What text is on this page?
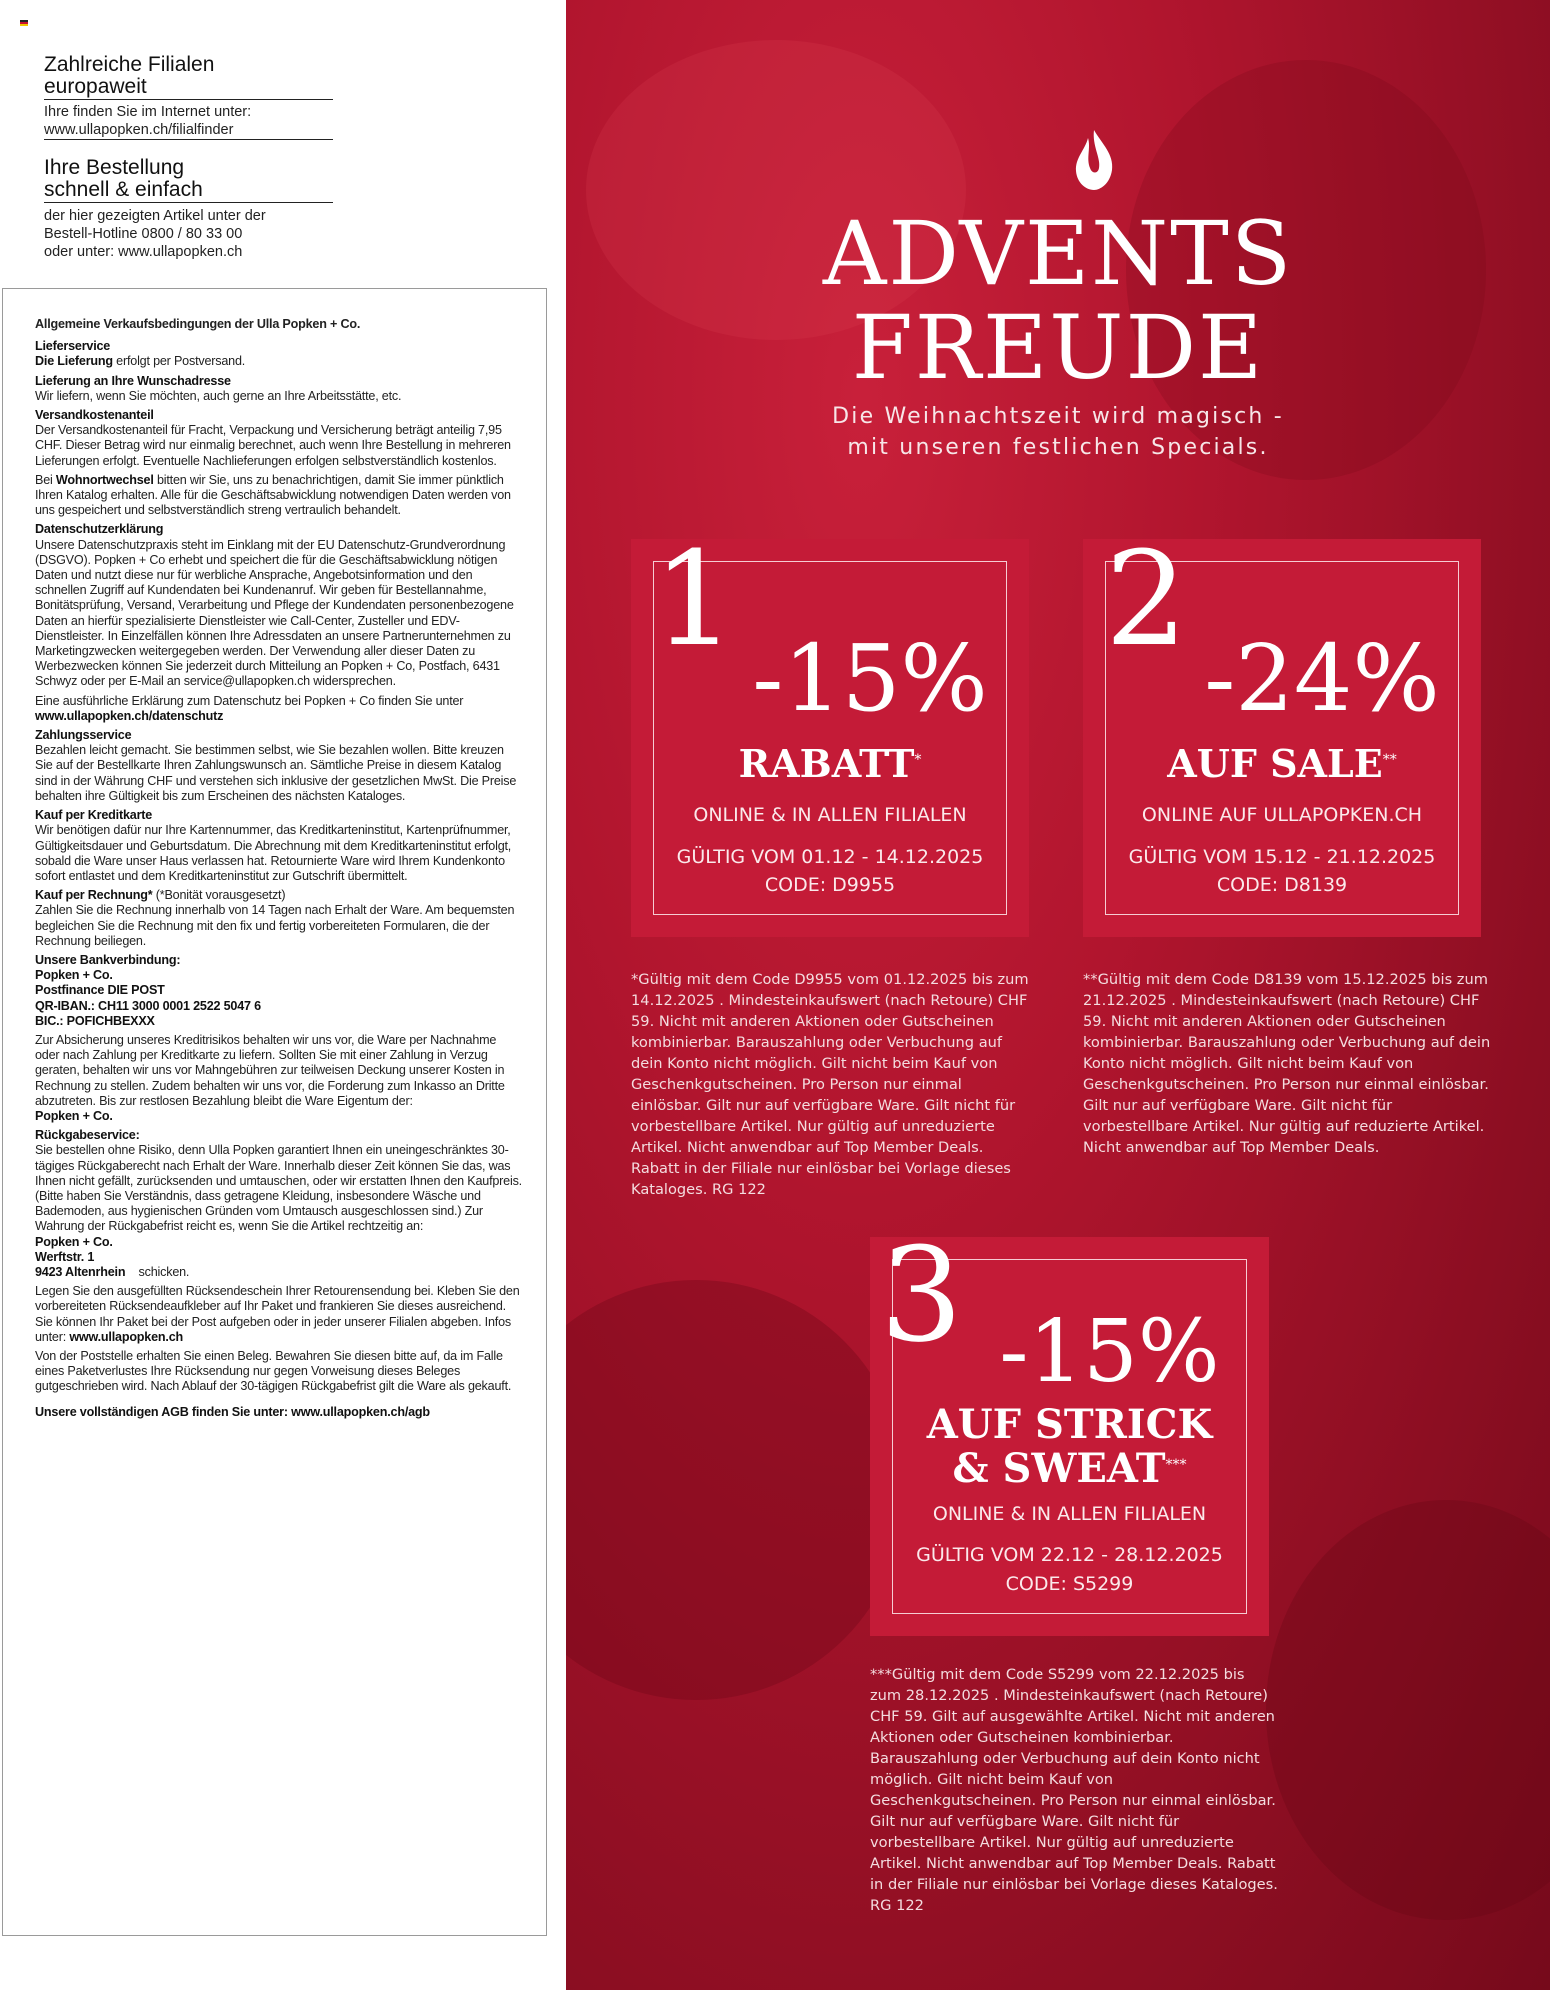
Zahlreiche Filialen
europaweit
Ihre finden Sie im Internet unter:
www.ullapopken.ch/filialfinder
Ihre Bestellung
schnell & einfach
der hier gezeigten Artikel unter der
Bestell-Hotline 0800 / 80 33 00
oder unter: www.ullapopken.ch
Allgemeine Verkaufsbedingungen der Ulla Popken + Co.
Lieferservice
Die Lieferung erfolgt per Postversand.
Lieferung an Ihre Wunschadresse
Wir liefern, wenn Sie möchten, auch gerne an Ihre Arbeitsstätte, etc.
Versandkostenanteil
Der Versandkostenanteil für Fracht, Verpackung und Versicherung beträgt anteilig 7,95 CHF. Dieser Betrag wird nur einmalig berechnet, auch wenn Ihre Bestellung in mehreren Lieferungen erfolgt. Eventuelle Nachlieferungen erfolgen selbstverständlich kostenlos.
Bei Wohnortwechsel bitten wir Sie, uns zu benachrichtigen, damit Sie immer pünktlich Ihren Katalog erhalten. Alle für die Geschäftsabwicklung notwendigen Daten werden von uns gespeichert und selbstverständlich streng vertraulich behandelt.
Datenschutzerklärung
Unsere Datenschutzpraxis steht im Einklang mit der EU Datenschutz-Grundverordnung (DSGVO). Popken + Co erhebt und speichert die für die Geschäftsabwicklung nötigen Daten und nutzt diese nur für werbliche Ansprache, Angebotsinformation und den schnellen Zugriff auf Kundendaten bei Kundenanruf. Wir geben für Bestellannahme, Bonitätsprüfung, Versand, Verarbeitung und Pflege der Kundendaten personenbezogene Daten an hierfür spezialisierte Dienstleister wie Call-Center, Zusteller und EDV-Dienstleister. In Einzelfällen können Ihre Adressdaten an unsere Partnerunternehmen zu Marketingzwecken weitergegeben werden. Der Verwendung aller dieser Daten zu Werbezwecken können Sie jederzeit durch Mitteilung an Popken + Co, Postfach, 6431 Schwyz oder per E-Mail an service@ullapopken.ch widersprechen.
Eine ausführliche Erklärung zum Datenschutz bei Popken + Co finden Sie unter www.ullapopken.ch/datenschutz
Zahlungsservice
Bezahlen leicht gemacht. Sie bestimmen selbst, wie Sie bezahlen wollen. Bitte kreuzen Sie auf der Bestellkarte Ihren Zahlungswunsch an. Sämtliche Preise in diesem Katalog sind in der Währung CHF und verstehen sich inklusive der gesetzlichen MwSt. Die Preise behalten ihre Gültigkeit bis zum Erscheinen des nächsten Kataloges.
Kauf per Kreditkarte
Wir benötigen dafür nur Ihre Kartennummer, das Kreditkarteninstitut, Kartenprüfnummer, Gültigkeitsdauer und Geburtsdatum. Die Abrechnung mit dem Kreditkarteninstitut erfolgt, sobald die Ware unser Haus verlassen hat. Retournierte Ware wird Ihrem Kundenkonto sofort entlastet und dem Kreditkarteninstitut zur Gutschrift übermittelt.
Kauf per Rechnung* (*Bonität vorausgesetzt)
Zahlen Sie die Rechnung innerhalb von 14 Tagen nach Erhalt der Ware. Am bequemsten begleichen Sie die Rechnung mit den fix und fertig vorbereiteten Formularen, die der Rechnung beiliegen.
Unsere Bankverbindung:
Popken + Co.
Postfinance DIE POST
QR-IBAN.: CH11 3000 0001 2522 5047 6
BIC.: POFICHBEXXX
Zur Absicherung unseres Kreditrisikos behalten wir uns vor, die Ware per Nachnahme oder nach Zahlung per Kreditkarte zu liefern. Sollten Sie mit einer Zahlung in Verzug geraten, behalten wir uns vor Mahngebühren zur teilweisen Deckung unserer Kosten in Rechnung zu stellen. Zudem behalten wir uns vor, die Forderung zum Inkasso an Dritte abzutreten. Bis zur restlosen Bezahlung bleibt die Ware Eigentum der:
Popken + Co.
Rückgabeservice:
Sie bestellen ohne Risiko, denn Ulla Popken garantiert Ihnen ein uneingeschränktes 30-tägiges Rückgaberecht nach Erhalt der Ware. Innerhalb dieser Zeit können Sie das, was Ihnen nicht gefällt, zurücksenden und umtauschen, oder wir erstatten Ihnen den Kaufpreis. (Bitte haben Sie Verständnis, dass getragene Kleidung, insbesondere Wäsche und Bademoden, aus hygienischen Gründen vom Umtausch ausgeschlossen sind.) Zur Wahrung der Rückgabefrist reicht es, wenn Sie die Artikel rechtzeitig an:
Popken + Co.
Werftstr. 1
9423 Altenrhein    schicken.
Legen Sie den ausgefüllten Rücksendeschein Ihrer Retourensendung bei. Kleben Sie den vorbereiteten Rücksendeaufkleber auf Ihr Paket und frankieren Sie dieses ausreichend. Sie können Ihr Paket bei der Post aufgeben oder in jeder unserer Filialen abgeben. Infos unter: www.ullapopken.ch
Von der Poststelle erhalten Sie einen Beleg. Bewahren Sie diesen bitte auf, da im Falle eines Paketverlustes Ihre Rücksendung nur gegen Vorweisung dieses Beleges gutgeschrieben wird. Nach Ablauf der 30-tägigen Rückgabefrist gilt die Ware als gekauft.
Unsere vollständigen AGB finden Sie unter: www.ullapopken.ch/agb
ADVENTS
FREUDE
Die Weihnachtszeit wird magisch -
mit unseren festlichen Specials.
1
-15%
RABATT*
ONLINE & IN ALLEN FILIALEN
GÜLTIG VOM 01.12 - 14.12.2025
CODE: D9955
*Gültig mit dem Code D9955 vom 01.12.2025 bis zum 14.12.2025 . Mindesteinkaufswert (nach Retoure) CHF 59. Nicht mit anderen Aktionen oder Gutscheinen kombinierbar. Barauszahlung oder Verbuchung auf dein Konto nicht möglich. Gilt nicht beim Kauf von Geschenkgutscheinen. Pro Person nur einmal einlösbar. Gilt nur auf verfügbare Ware. Gilt nicht für vorbestellbare Artikel. Nur gültig auf unreduzierte Artikel. Nicht anwendbar auf Top Member Deals. Rabatt in der Filiale nur einlösbar bei Vorlage dieses Kataloges. RG 122
2
-24%
AUF SALE**
ONLINE AUF ULLAPOPKEN.CH
GÜLTIG VOM 15.12 - 21.12.2025
CODE: D8139
**Gültig mit dem Code D8139 vom 15.12.2025 bis zum 21.12.2025 . Mindesteinkaufswert (nach Retoure) CHF 59. Nicht mit anderen Aktionen oder Gutscheinen kombinierbar. Barauszahlung oder Verbuchung auf dein Konto nicht möglich. Gilt nicht beim Kauf von Geschenkgutscheinen. Pro Person nur einmal einlösbar. Gilt nur auf verfügbare Ware. Gilt nicht für vorbestellbare Artikel. Nur gültig auf reduzierte Artikel. Nicht anwendbar auf Top Member Deals.
3 -15%
AUF STRICK
& SWEAT***
ONLINE & IN ALLEN FILIALEN
GÜLTIG VOM 22.12 - 28.12.2025
CODE: S5299
***Gültig mit dem Code S5299 vom 22.12.2025 bis zum 28.12.2025 . Mindesteinkaufswert (nach Retoure) CHF 59. Gilt auf ausgewählte Artikel. Nicht mit anderen Aktionen oder Gutscheinen kombinierbar. Barauszahlung oder Verbuchung auf dein Konto nicht möglich. Gilt nicht beim Kauf von Geschenkgutscheinen. Pro Person nur einmal einlösbar. Gilt nur auf verfügbare Ware. Gilt nicht für vorbestellbare Artikel. Nur gültig auf unreduzierte Artikel. Nicht anwendbar auf Top Member Deals. Rabatt in der Filiale nur einlösbar bei Vorlage dieses Kataloges. RG 122
